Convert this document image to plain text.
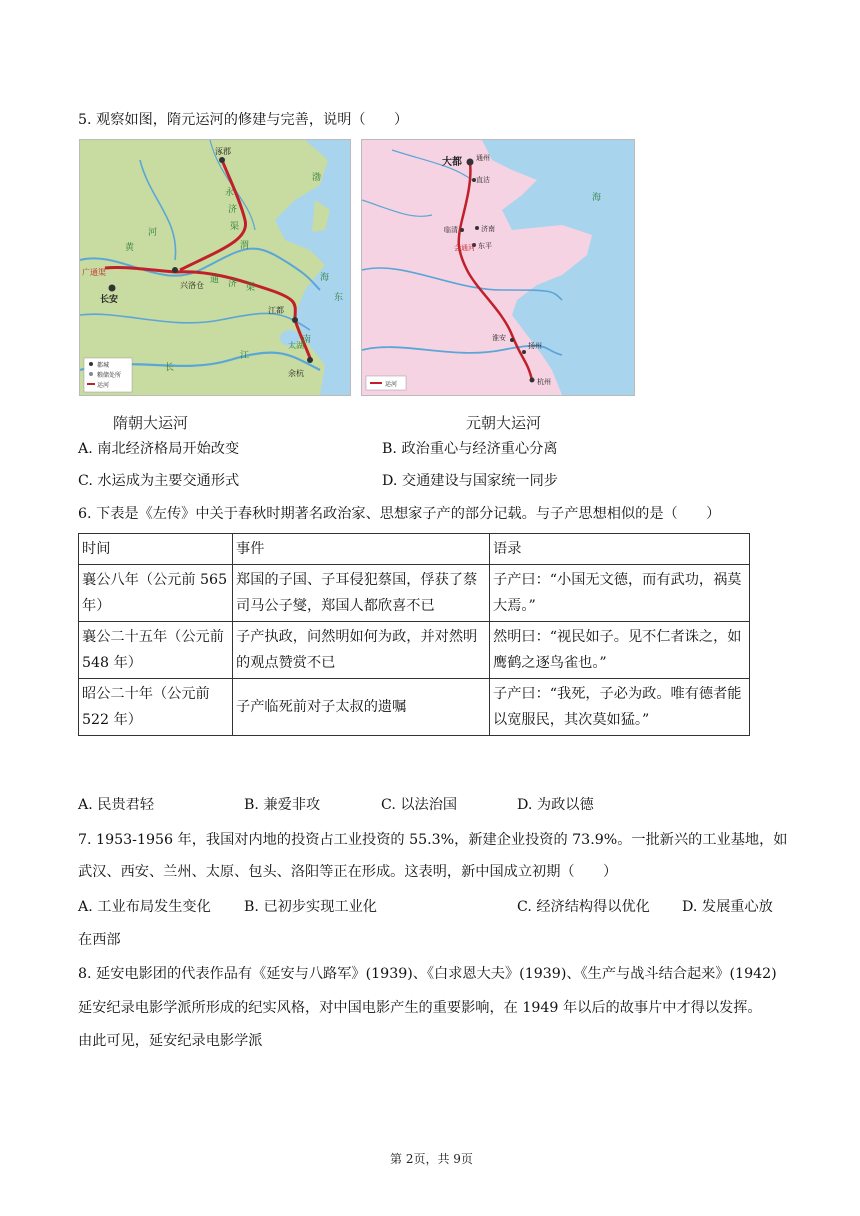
5. 观察如图，隋元运河的修建与完善，说明（　　）
涿郡
长安
兴洛仓
江都
余杭
永
济
渠
通 济 渠
南
黄
河
渭
长
江
渤
海
东
太湖
广通渠
都城
粮储处所
运河
隋朝大运河
大都 通州
直沽
临清	济南
东平
淮安
扬州
杭州
会通河
海
运河
元朝大运河
A. 南北经济格局开始改变	B. 政治重心与经济重心分离
C. 水运成为主要交通形式	D. 交通建设与国家统一同步
6. 下表是《左传》中关于春秋时期著名政治家、思想家子产的部分记载。与子产思想相似的是（　　）
时间	事件	语录
襄公八年（公元前 565 年）	郑国的子国、子耳侵犯蔡国，俘获了蔡司马公子燮，郑国人都欣喜不已	子产曰：“小国无文德，而有武功，祸莫大焉。”
襄公二十五年（公元前 548 年）	子产执政，问然明如何为政，并对然明的观点赞赏不已	然明曰：“视民如子。见不仁者诛之，如鹰鹤之逐鸟雀也。”
昭公二十年（公元前 522 年）	子产临死前对子太叔的遗嘱	子产曰：“我死，子必为政。唯有德者能以宽服民，其次莫如猛。”
A. 民贵君轻	B. 兼爱非攻	C. 以法治国	D. 为政以德
7. 1953-1956 年，我国对内地的投资占工业投资的 55.3%，新建企业投资的 73.9%。一批新兴的工业基地，如
武汉、西安、兰州、太原、包头、洛阳等正在形成。这表明，新中国成立初期（　　）
A. 工业布局发生变化 B. 已初步实现工业化	C. 经济结构得以优化 D. 发展重心放
在西部
8. 延安电影团的代表作品有《延安与八路军》(1939)、《白求恩大夫》(1939)、《生产与战斗结合起来》(1942)
延安纪录电影学派所形成的纪实风格，对中国电影产生的重要影响，在 1949 年以后的故事片中才得以发挥。
由此可见，延安纪录电影学派
第 2页，共 9页
